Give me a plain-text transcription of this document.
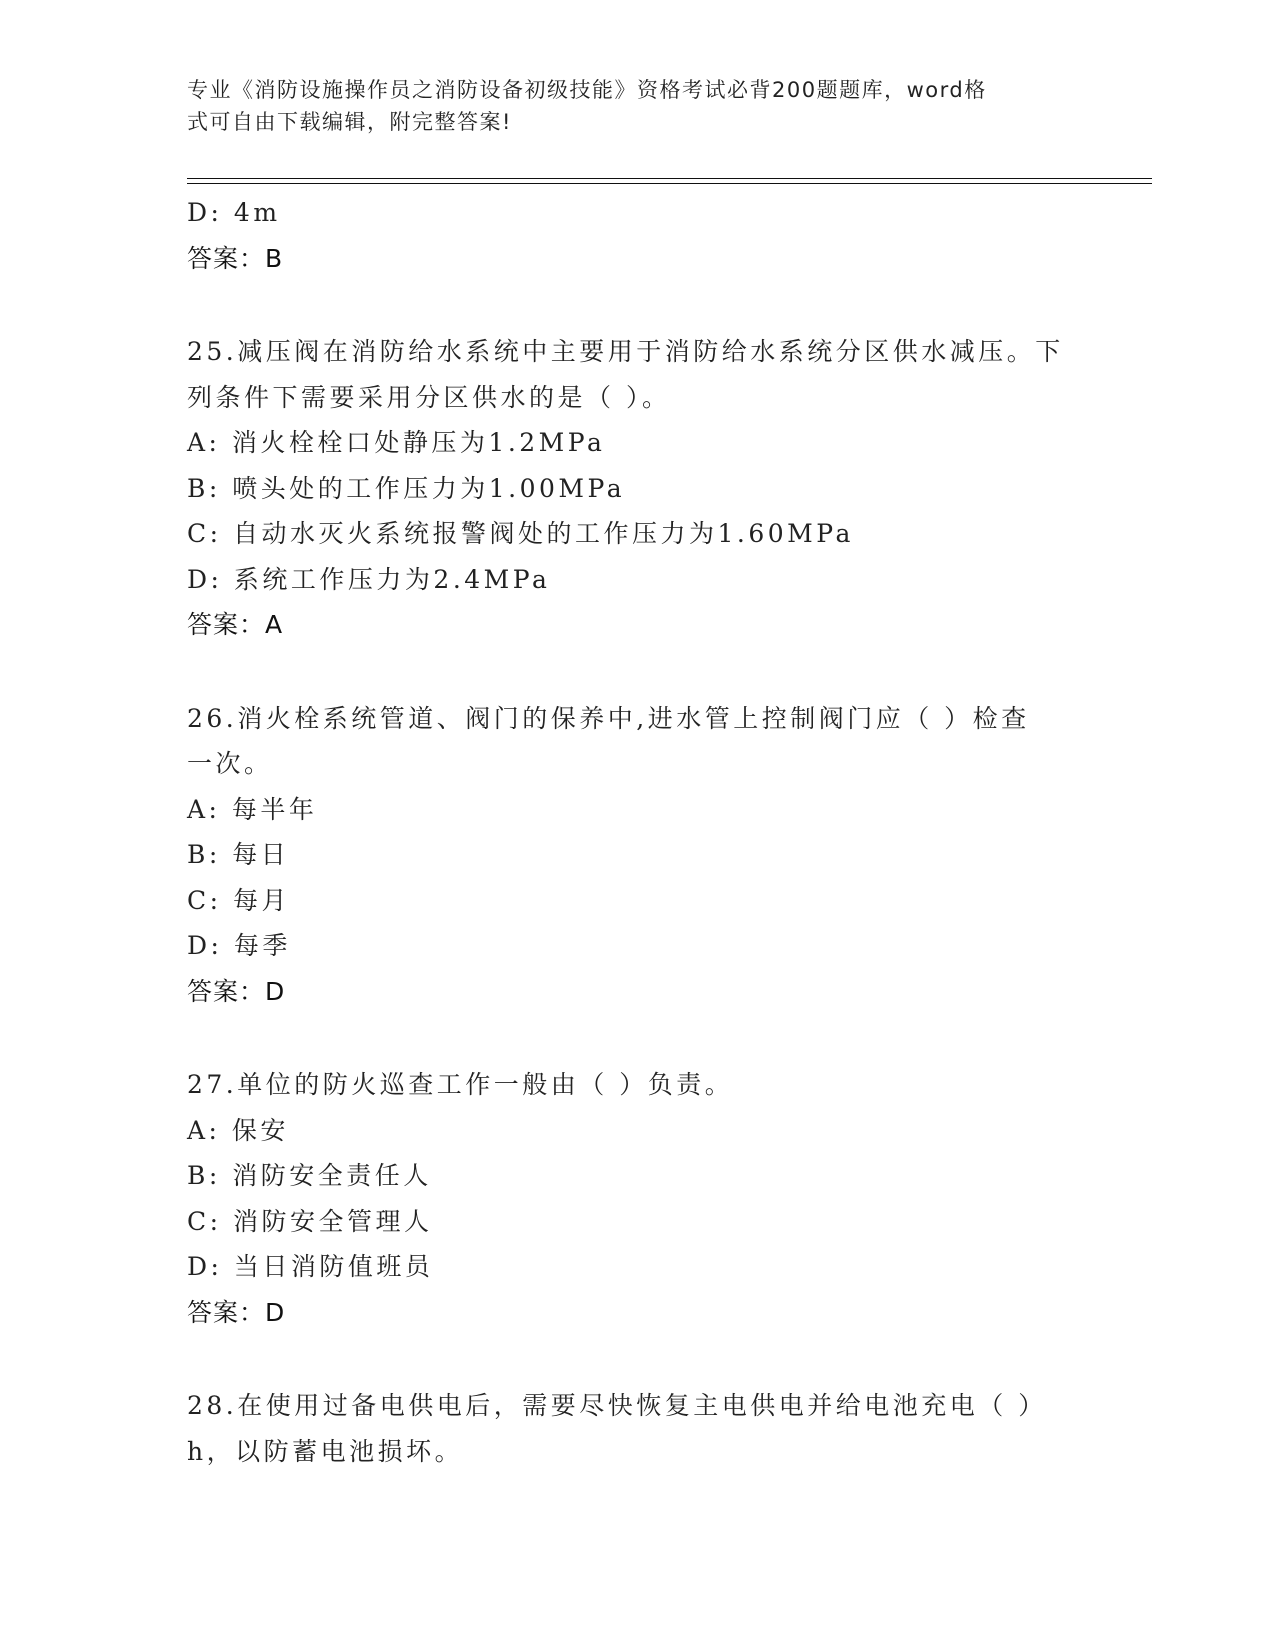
专业《消防设施操作员之消防设备初级技能》资格考试必背200题题库，word格
式可自由下载编辑，附完整答案!
D: 4m
答案：B
25.减压阀在消防给水系统中主要用于消防给水系统分区供水减压。下
列条件下需要采用分区供水的是（ ）。
A: 消火栓栓口处静压为1.2MPa
B: 喷头处的工作压力为1.00MPa
C: 自动水灭火系统报警阀处的工作压力为1.60MPa
D: 系统工作压力为2.4MPa
答案：A
26.消火栓系统管道、阀门的保养中,进水管上控制阀门应（ ）检查
一次。
A: 每半年
B: 每日
C: 每月
D: 每季
答案：D
27.单位的防火巡查工作一般由（ ）负责。
A: 保安
B: 消防安全责任人
C: 消防安全管理人
D: 当日消防值班员
答案：D
28.在使用过备电供电后，需要尽快恢复主电供电并给电池充电（ ）
h，以防蓄电池损坏。
